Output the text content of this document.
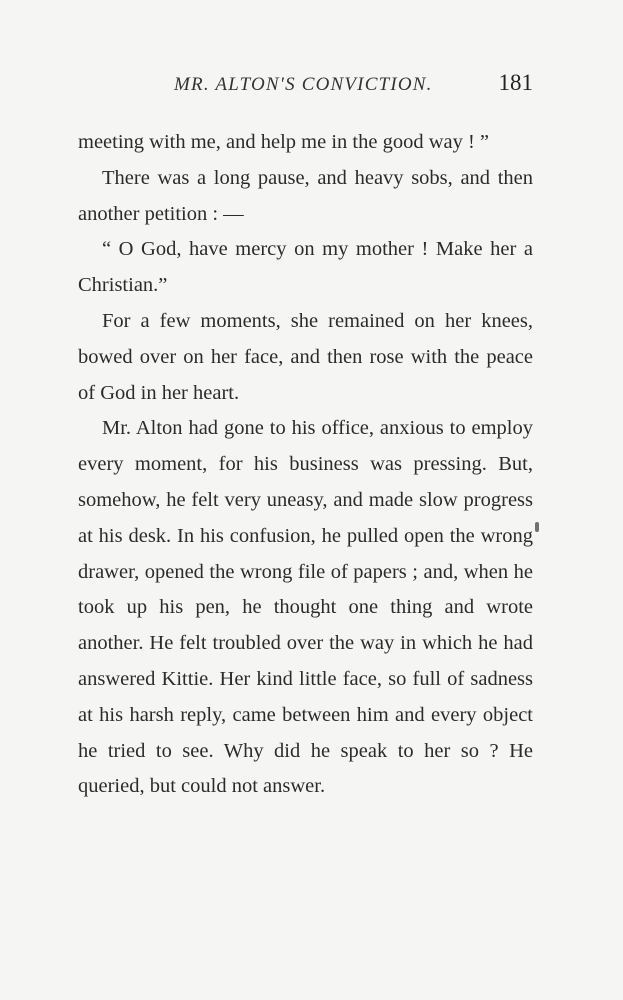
MR. ALTON'S CONVICTION.	181

meeting with me, and help me in the good way ! ”

There was a long pause, and heavy sobs, and then another petition : —

“ O God, have mercy on my mother ! Make her a Christian.”

For a few moments, she remained on her knees, bowed over on her face, and then rose with the peace of God in her heart.

Mr. Alton had gone to his office, anxious to employ every moment, for his business was pressing. But, somehow, he felt very uneasy, and made slow progress at his desk. In his confusion, he pulled open the wrong drawer, opened the wrong file of papers ; and, when he took up his pen, he thought one thing and wrote another. He felt troubled over the way in which he had answered Kittie. Her kind little face, so full of sadness at his harsh reply, came between him and every object he tried to see. Why did he speak to her so ? He queried, but could not answer.
